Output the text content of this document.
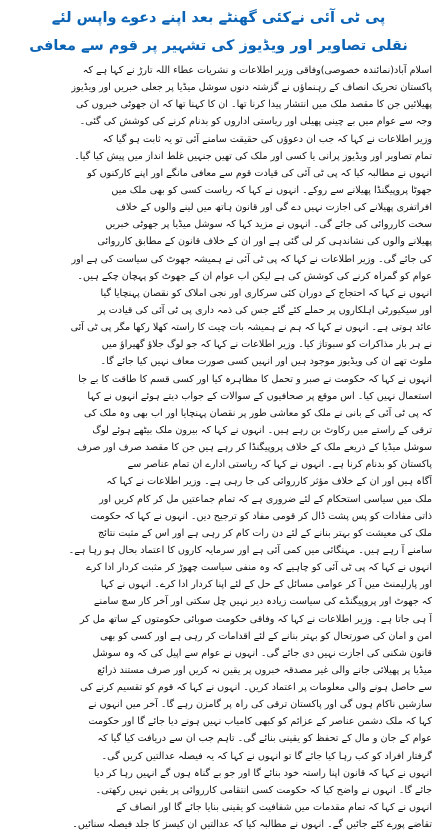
پی ٹی آئی نےکئی گھنٹے بعد اپنے دعوے واپس لئے
نقلی تصاویر اور ویڈیوز کی تشہیر پر قوم سے معافی
اسلام آباد(نمائندہ خصوصی)وفاقی وزیر اطلاعات و نشریات عطاء اللہ تارڑ نے کہا ہے کہ
پاکستان تحریک انصاف کے رہنماؤں نے گزشتہ دنوں سوشل میڈیا پر جعلی خبریں اور ویڈیوز
پھیلائیں جن کا مقصد ملک میں انتشار پیدا کرنا تھا۔ ان کا کہنا تھا کہ ان جھوٹی خبروں کی
وجہ سے عوام میں بے چینی پھیلی اور ریاستی اداروں کو بدنام کرنے کی کوشش کی گئی۔
وزیر اطلاعات نے کہا کہ جب ان دعوؤں کی حقیقت سامنے آئی تو یہ ثابت ہو گیا کہ
تمام تصاویر اور ویڈیوز پرانی یا کسی اور ملک کی تھیں جنہیں غلط انداز میں پیش کیا گیا۔
انہوں نے مطالبہ کیا کہ پی ٹی آئی کی قیادت قوم سے معافی مانگے اور اپنے کارکنوں کو
جھوٹا پروپیگنڈا پھیلانے سے روکے۔ انہوں نے کہا کہ ریاست کسی کو بھی ملک میں
افراتفری پھیلانے کی اجازت نہیں دے گی اور قانون ہاتھ میں لینے والوں کے خلاف
سخت کارروائی کی جائے گی۔ انہوں نے مزید کہا کہ سوشل میڈیا پر جھوٹی خبریں
پھیلانے والوں کی نشاندہی کر لی گئی ہے اور ان کے خلاف قانون کے مطابق کارروائی
کی جائے گی۔ وزیر اطلاعات نے کہا کہ پی ٹی آئی نے ہمیشہ جھوٹ کی سیاست کی ہے اور
عوام کو گمراہ کرنے کی کوشش کی ہے لیکن اب عوام ان کے جھوٹ کو پہچان چکے ہیں۔
انہوں نے کہا کہ احتجاج کے دوران کئی سرکاری اور نجی املاک کو نقصان پہنچایا گیا
اور سیکیورٹی اہلکاروں پر حملے کئے گئے جس کی ذمہ داری پی ٹی آئی کی قیادت پر
عائد ہوتی ہے۔ انہوں نے کہا کہ ہم نے ہمیشہ بات چیت کا راستہ کھلا رکھا مگر پی ٹی آئی
نے ہر بار مذاکرات کو سبوتاژ کیا۔ وزیر اطلاعات نے کہا کہ جو لوگ جلاؤ گھیراؤ میں
ملوث تھے ان کی ویڈیوز موجود ہیں اور انہیں کسی صورت معاف نہیں کیا جائے گا۔
انہوں نے کہا کہ حکومت نے صبر و تحمل کا مظاہرہ کیا اور کسی قسم کا طاقت کا بے جا
استعمال نہیں کیا۔ اس موقع پر صحافیوں کے سوالات کے جواب دیتے ہوئے انہوں نے کہا
کہ پی ٹی آئی کے بانی نے ملک کو معاشی طور پر نقصان پہنچایا اور اب بھی وہ ملک کی
ترقی کے راستے میں رکاوٹ بن رہے ہیں۔ انہوں نے کہا کہ بیرون ملک بیٹھے ہوئے لوگ
سوشل میڈیا کے ذریعے ملک کے خلاف پروپیگنڈا کر رہے ہیں جن کا مقصد صرف اور صرف
پاکستان کو بدنام کرنا ہے۔ انہوں نے کہا کہ ریاستی ادارے ان تمام عناصر سے
آگاہ ہیں اور ان کے خلاف مؤثر کارروائی کی جا رہی ہے۔ وزیر اطلاعات نے کہا کہ
ملک میں سیاسی استحکام کے لئے ضروری ہے کہ تمام جماعتیں مل کر کام کریں اور
ذاتی مفادات کو پس پشت ڈال کر قومی مفاد کو ترجیح دیں۔ انہوں نے کہا کہ حکومت
ملک کی معیشت کو بہتر بنانے کے لئے دن رات کام کر رہی ہے اور اس کے مثبت نتائج
سامنے آ رہے ہیں۔ مہنگائی میں کمی آئی ہے اور سرمایہ کاروں کا اعتماد بحال ہو رہا ہے۔
انہوں نے کہا کہ پی ٹی آئی کو چاہیے کہ وہ منفی سیاست چھوڑ کر مثبت کردار ادا کرے
اور پارلیمنٹ میں آ کر عوامی مسائل کے حل کے لئے اپنا کردار ادا کرے۔ انہوں نے کہا
کہ جھوٹ اور پروپیگنڈے کی سیاست زیادہ دیر نہیں چل سکتی اور آخر کار سچ سامنے
آ ہی جاتا ہے۔ وزیر اطلاعات نے کہا کہ وفاقی حکومت صوبائی حکومتوں کے ساتھ مل کر
امن و امان کی صورتحال کو بہتر بنانے کے لئے اقدامات کر رہی ہے اور کسی کو بھی
قانون شکنی کی اجازت نہیں دی جائے گی۔ انہوں نے عوام سے اپیل کی کہ وہ سوشل
میڈیا پر پھیلائی جانے والی غیر مصدقہ خبروں پر یقین نہ کریں اور صرف مستند ذرائع
سے حاصل ہونے والی معلومات پر اعتماد کریں۔ انہوں نے کہا کہ قوم کو تقسیم کرنے کی
سازشیں ناکام ہوں گی اور پاکستان ترقی کی راہ پر گامزن رہے گا۔ آخر میں انہوں نے
کہا کہ ملک دشمن عناصر کے عزائم کو کبھی کامیاب نہیں ہونے دیا جائے گا اور حکومت
عوام کے جان و مال کے تحفظ کو یقینی بنائے گی۔ تاہم جب ان سے دریافت کیا گیا کہ
گرفتار افراد کو کب رہا کیا جائے گا تو انہوں نے کہا کہ یہ فیصلہ عدالتیں کریں گی۔
انہوں نے کہا کہ قانون اپنا راستہ خود بنائے گا اور جو بے گناہ ہوں گے انہیں رہا کر دیا
جائے گا۔ انہوں نے واضح کیا کہ حکومت کسی انتقامی کارروائی پر یقین نہیں رکھتی۔
انہوں نے کہا کہ تمام مقدمات میں شفافیت کو یقینی بنایا جائے گا اور انصاف کے
تقاضے پورے کئے جائیں گے۔ انہوں نے مطالبہ کیا کہ عدالتیں ان کیسز کا جلد فیصلہ سنائیں۔
